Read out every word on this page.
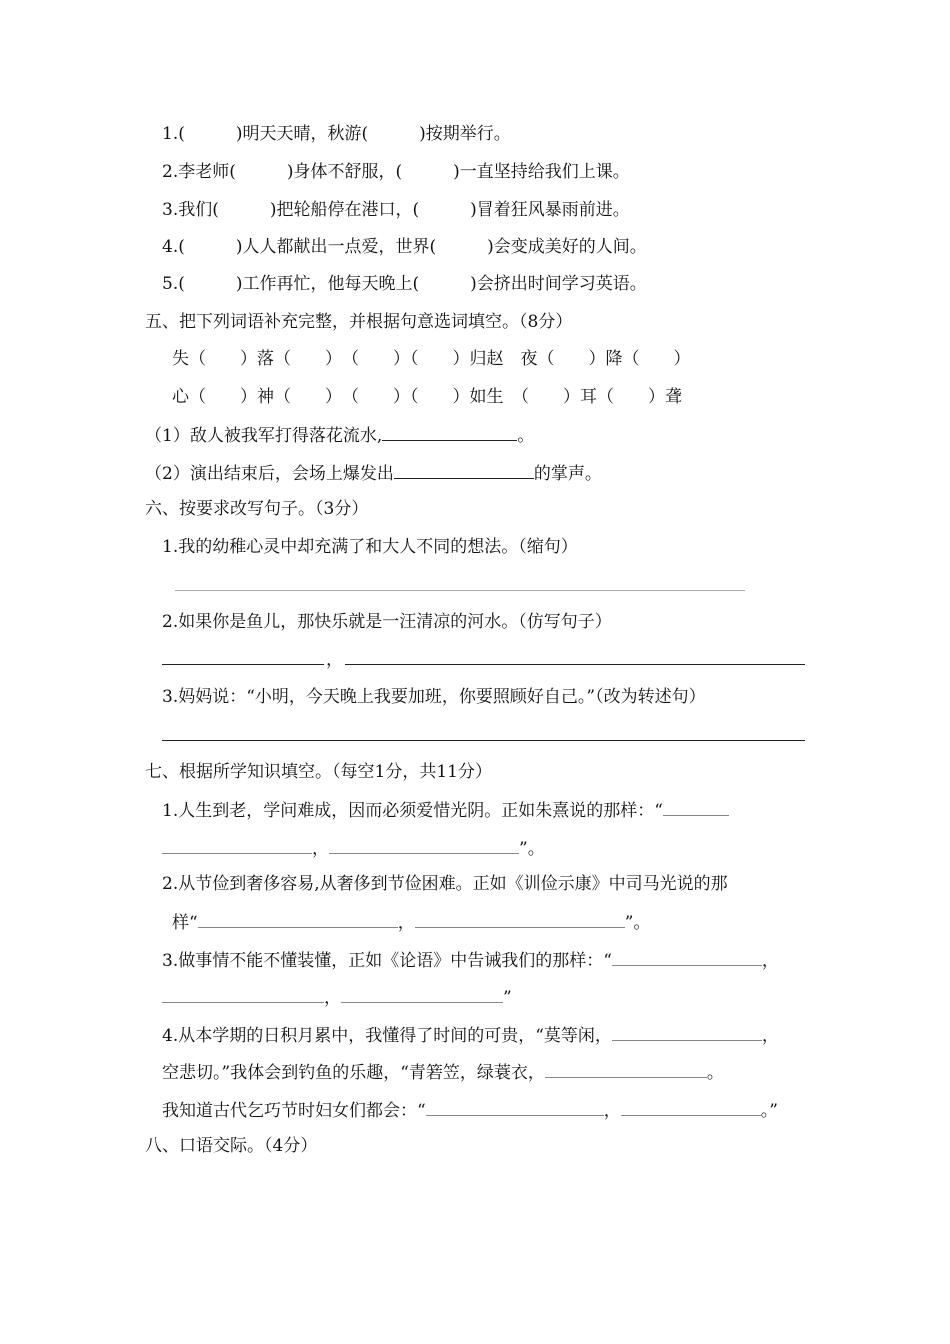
1.(　　　)明天天晴，秋游(　　　)按期举行。
2.李老师(　　　)身体不舒服，(　　　)一直坚持给我们上课。
3.我们(　　　)把轮船停在港口，(　　　)冒着狂风暴雨前进。
4.(　　　)人人都献出一点爱，世界(　　　)会变成美好的人间。
5.(　　　)工作再忙，他每天晚上(　　　)会挤出时间学习英语。
五、把下列词语补充完整，并根据句意选词填空。（8分）
失（　　）落（　　）　（　　）（　　）归赵　夜（　　）降（　　）
心（　　）神（　　）　（　　）（　　）如生　（　　）耳（　　）聋
（1）敌人被我军打得落花流水,	。
（2）演出结束后，会场上爆发出	的掌声。
六、按要求改写句子。（3分）
1.我的幼稚心灵中却充满了和大人不同的想法。（缩句）
2.如果你是鱼儿，那快乐就是一汪清凉的河水。（仿写句子）
，
3.妈妈说：“小明，今天晚上我要加班，你要照顾好自己。”（改为转述句）
七、根据所学知识填空。（每空1分，共11分）
1.人生到老，学问难成，因而必须爱惜光阴。正如朱熹说的那样：“
，	”。
2.从节俭到奢侈容易,从奢侈到节俭困难。正如《训俭示康》中司马光说的那
样“	，	”。
3.做事情不能不懂装懂，正如《论语》中告诫我们的那样：“	，
，	”
4.从本学期的日积月累中，我懂得了时间的可贵，“莫等闲，	，
空悲切。”我体会到钓鱼的乐趣，“青箬笠，绿蓑衣，	。
我知道古代乞巧节时妇女们都会：“	，	。”
八、口语交际。（4分）
